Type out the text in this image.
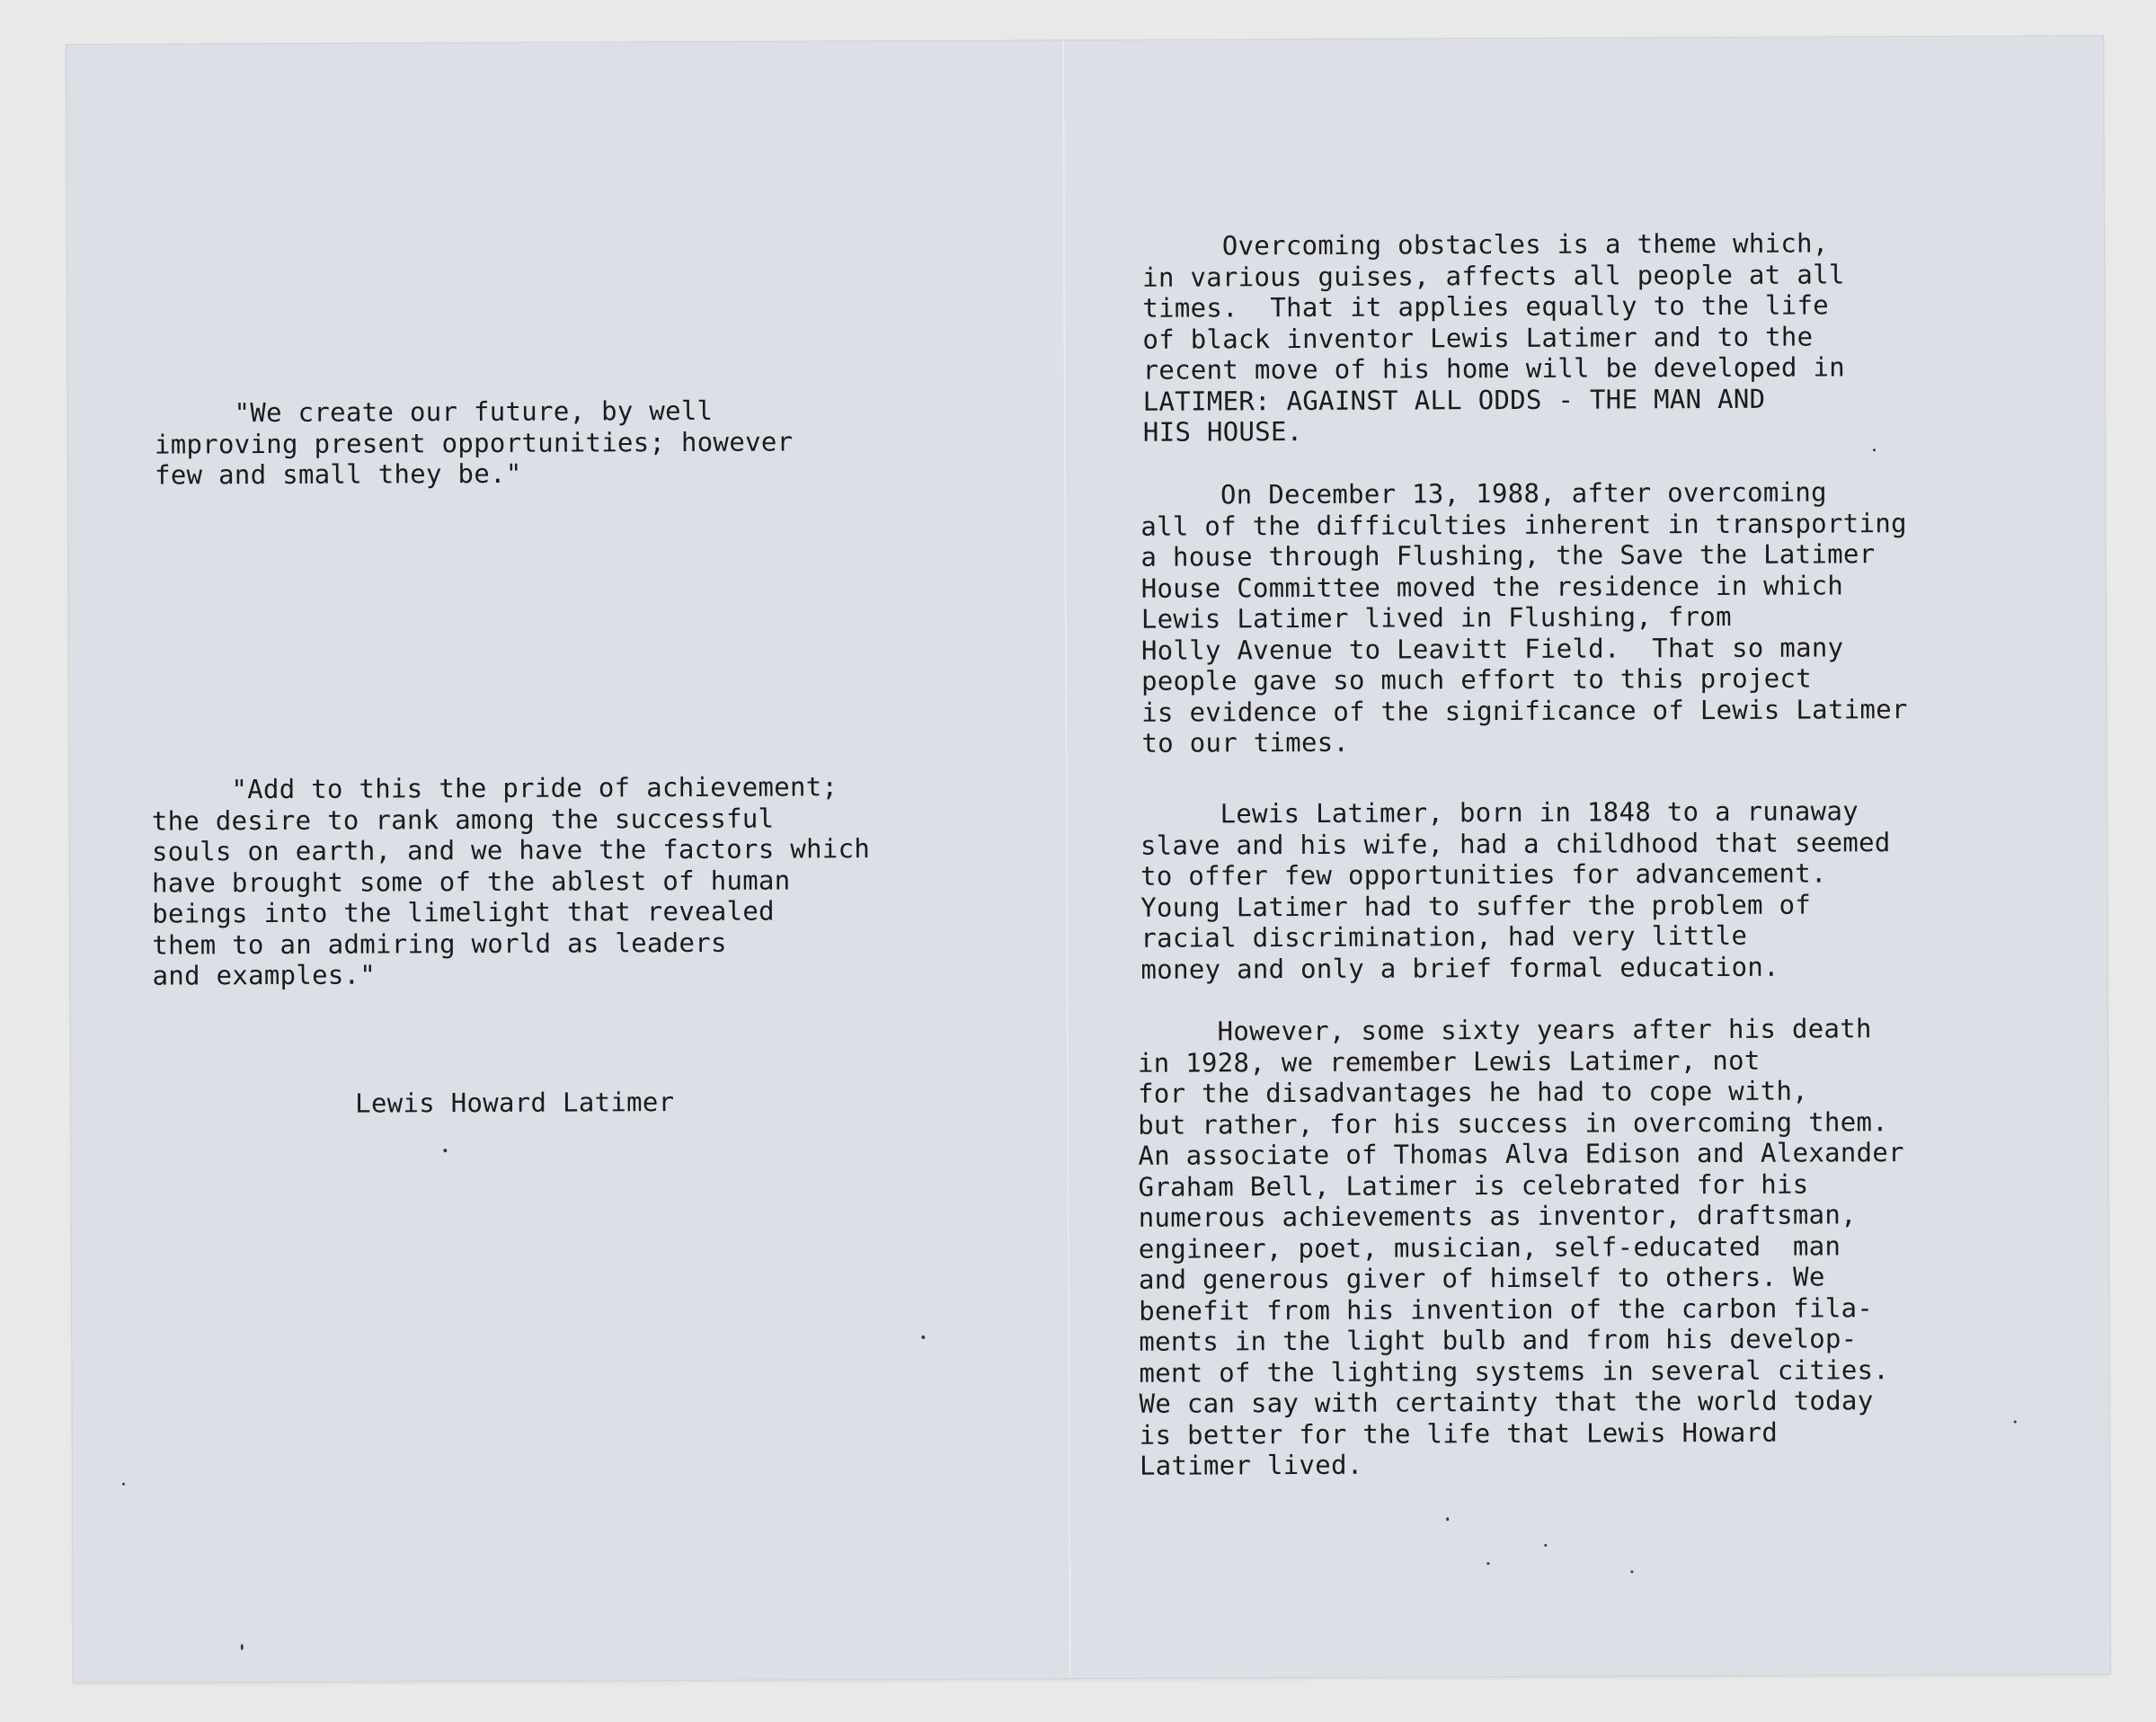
"We create our future, by well
improving present opportunities; however
few and small they be."
"Add to this the pride of achievement;
the desire to rank among the successful
souls on earth, and we have the factors which
have brought some of the ablest of human
beings into the limelight that revealed
them to an admiring world as leaders
and examples."
Lewis Howard Latimer
Overcoming obstacles is a theme which,
in various guises, affects all people at all
times.  That it applies equally to the life
of black inventor Lewis Latimer and to the
recent move of his home will be developed in
LATIMER: AGAINST ALL ODDS - THE MAN AND
HIS HOUSE.
On December 13, 1988, after overcoming
all of the difficulties inherent in transporting
a house through Flushing, the Save the Latimer
House Committee moved the residence in which
Lewis Latimer lived in Flushing, from
Holly Avenue to Leavitt Field.  That so many
people gave so much effort to this project
is evidence of the significance of Lewis Latimer
to our times.
Lewis Latimer, born in 1848 to a runaway
slave and his wife, had a childhood that seemed
to offer few opportunities for advancement.
Young Latimer had to suffer the problem of
racial discrimination, had very little
money and only a brief formal education.
However, some sixty years after his death
in 1928, we remember Lewis Latimer, not
for the disadvantages he had to cope with,
but rather, for his success in overcoming them.
An associate of Thomas Alva Edison and Alexander
Graham Bell, Latimer is celebrated for his
numerous achievements as inventor, draftsman,
engineer, poet, musician, self-educated  man
and generous giver of himself to others. We
benefit from his invention of the carbon fila-
ments in the light bulb and from his develop-
ment of the lighting systems in several cities.
We can say with certainty that the world today
is better for the life that Lewis Howard
Latimer lived.
